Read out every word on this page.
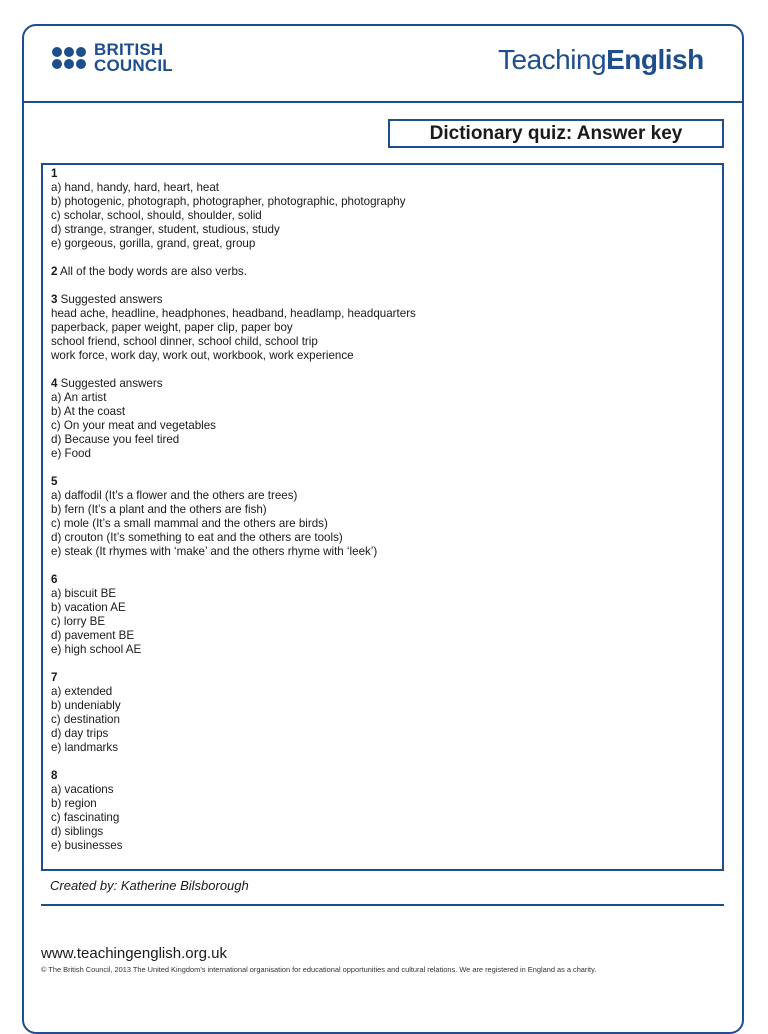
BRITISH
COUNCIL	TeachingEnglish
Dictionary quiz: Answer key
1
a) hand, handy, hard, heart, heat
b) photogenic, photograph, photographer, photographic, photography
c) scholar, school, should, shoulder, solid
d) strange, stranger, student, studious, study
e) gorgeous, gorilla, grand, great, group
2 All of the body words are also verbs.
3 Suggested answers
head ache, headline, headphones, headband, headlamp, headquarters
paperback, paper weight, paper clip, paper boy
school friend, school dinner, school child, school trip
work force, work day, work out, workbook, work experience
4 Suggested answers
a) An artist
b) At the coast
c) On your meat and vegetables
d) Because you feel tired
e) Food
5
a) daffodil (It’s a flower and the others are trees)
b) fern (It’s a plant and the others are fish)
c) mole (It’s a small mammal and the others are birds)
d) crouton (It’s something to eat and the others are tools)
e) steak (It rhymes with ‘make’ and the others rhyme with ‘leek’)
6
a) biscuit BE
b) vacation AE
c) lorry BE
d) pavement BE
e) high school AE
7
a) extended
b) undeniably
c) destination
d) day trips
e) landmarks
8
a) vacations
b) region
c) fascinating
d) siblings
e) businesses
Created by: Katherine Bilsborough
www.teachingenglish.org.uk
© The British Council, 2013 The United Kingdom’s international organisation for educational opportunities and cultural relations. We are registered in England as a charity.
